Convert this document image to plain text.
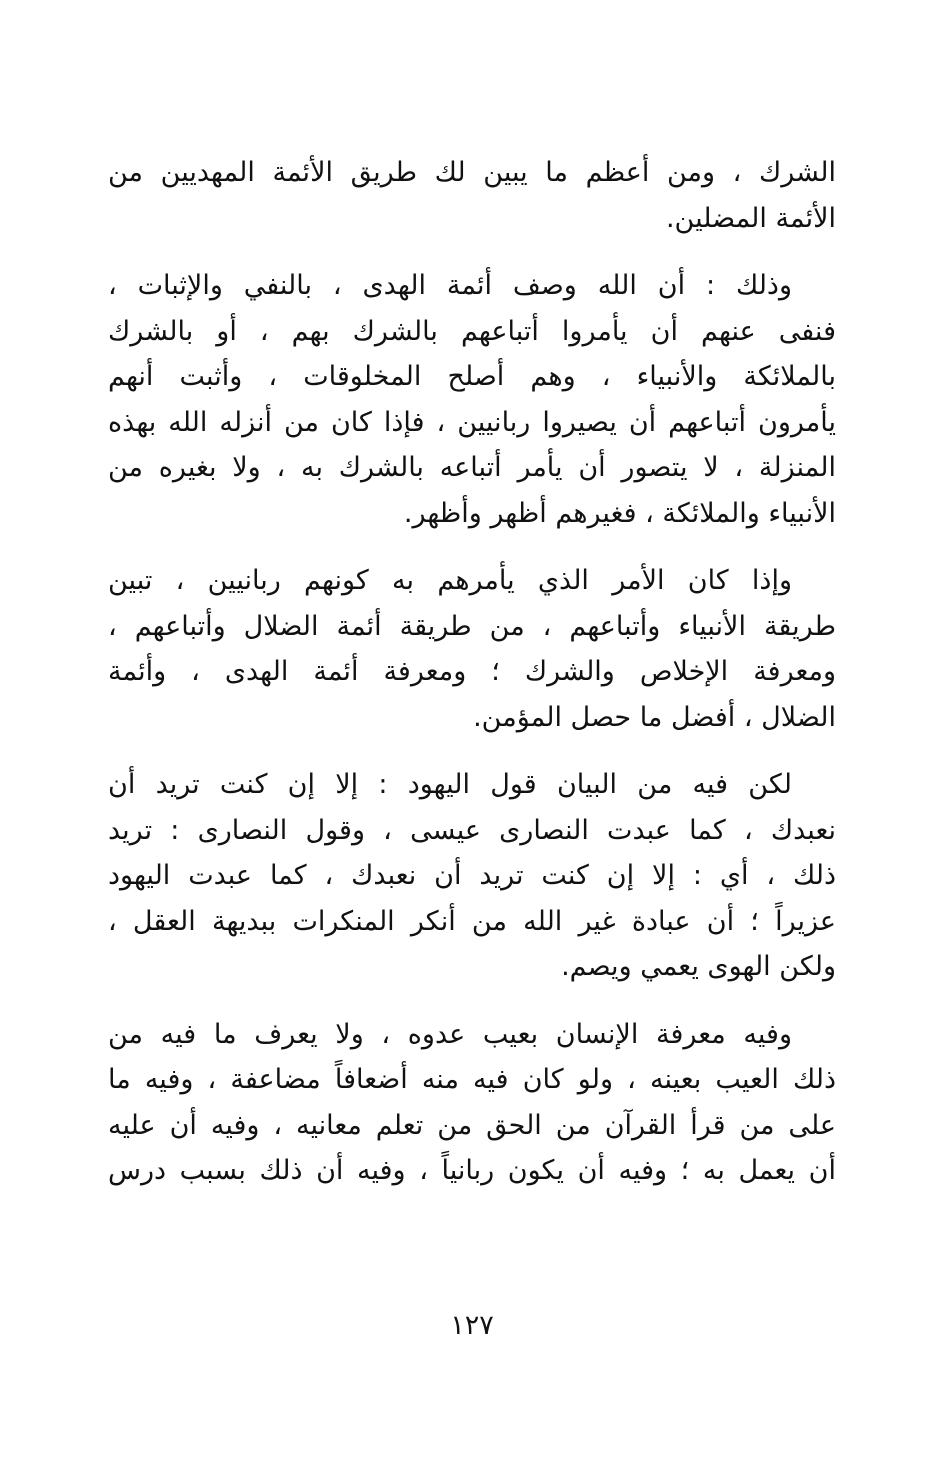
الشرك ، ومن أعظم ما يبين لك طريق الأئمة المهديين من
الأئمة المضلين.

وذلك : أن الله وصف أئمة الهدى ، بالنفي والإثبات ،
فنفى عنهم أن يأمروا أتباعهم بالشرك بهم ، أو بالشرك
بالملائكة والأنبياء ، وهم أصلح المخلوقات ، وأثبت أنهم
يأمرون أتباعهم أن يصيروا ربانيين ، فإذا كان من أنزله الله بهذه
المنزلة ، لا يتصور أن يأمر أتباعه بالشرك به ، ولا بغيره من
الأنبياء والملائكة ، فغيرهم أظهر وأظهر.

وإذا كان الأمر الذي يأمرهم به كونهم ربانيين ، تبين
طريقة الأنبياء وأتباعهم ، من طريقة أئمة الضلال وأتباعهم ،
ومعرفة الإخلاص والشرك ؛ ومعرفة أئمة الهدى ، وأئمة
الضلال ، أفضل ما حصل المؤمن.

لكن فيه من البيان قول اليهود : إلا إن كنت تريد أن
نعبدك ، كما عبدت النصارى عيسى ، وقول النصارى : تريد
ذلك ، أي : إلا إن كنت تريد أن نعبدك ، كما عبدت اليهود
عزيراً ؛ أن عبادة غير الله من أنكر المنكرات ببديهة العقل ،
ولكن الهوى يعمي ويصم.

وفيه معرفة الإنسان بعيب عدوه ، ولا يعرف ما فيه من
ذلك العيب بعينه ، ولو كان فيه منه أضعافاً مضاعفة ، وفيه ما
على من قرأ القرآن من الحق من تعلم معانيه ، وفيه أن عليه
أن يعمل به ؛ وفيه أن يكون ربانياً ، وفيه أن ذلك بسبب درس

١٢٧
